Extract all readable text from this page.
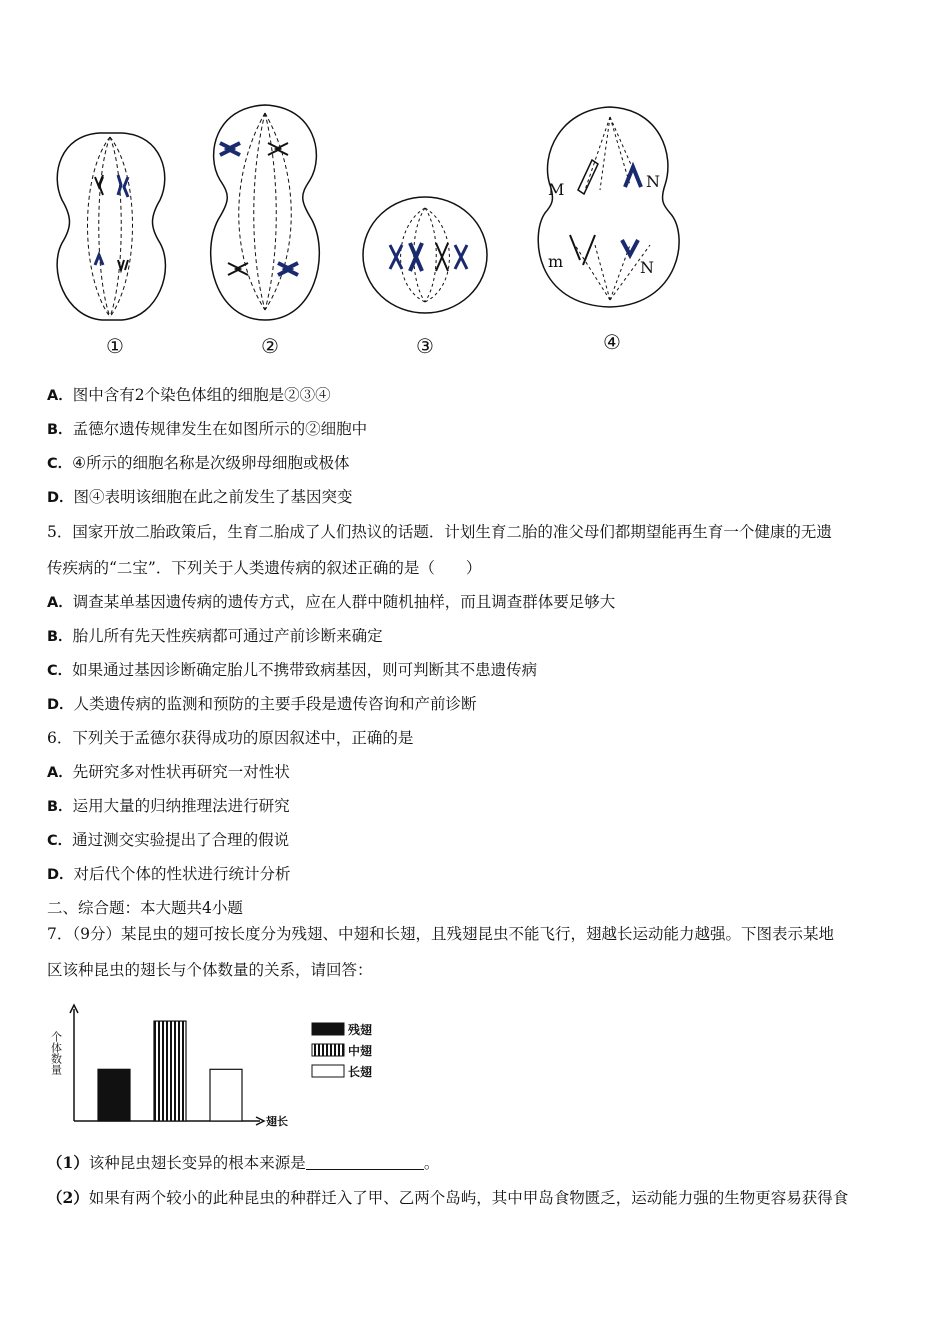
M	N
m	N
①	②	③	④
A．图中含有2个染色体组的细胞是②③④
B．孟德尔遗传规律发生在如图所示的②细胞中
C．④所示的细胞名称是次级卵母细胞或极体
D．图④表明该细胞在此之前发生了基因突变
5．国家开放二胎政策后，生育二胎成了人们热议的话题．计划生育二胎的准父母们都期望能再生育一个健康的无遗
传疾病的“二宝”．下列关于人类遗传病的叙述正确的是（　　）
A．调查某单基因遗传病的遗传方式，应在人群中随机抽样，而且调查群体要足够大
B．胎儿所有先天性疾病都可通过产前诊断来确定
C．如果通过基因诊断确定胎儿不携带致病基因，则可判断其不患遗传病
D．人类遗传病的监测和预防的主要手段是遗传咨询和产前诊断
6．下列关于孟德尔获得成功的原因叙述中，正确的是
A．先研究多对性状再研究一对性状
B．运用大量的归纳推理法进行研究
C．通过测交实验提出了合理的假说
D．对后代个体的性状进行统计分析
二、综合题：本大题共4小题
7．（9分）某昆虫的翅可按长度分为残翅、中翅和长翅，且残翅昆虫不能飞行，翅越长运动能力越强。下图表示某地
区该种昆虫的翅长与个体数量的关系，请回答：
个体数量
翅长
残翅
中翅
长翅
（1）该种昆虫翅长变异的根本来源是	。
（2）如果有两个较小的此种昆虫的种群迁入了甲、乙两个岛屿，其中甲岛食物匮乏，运动能力强的生物更容易获得食
